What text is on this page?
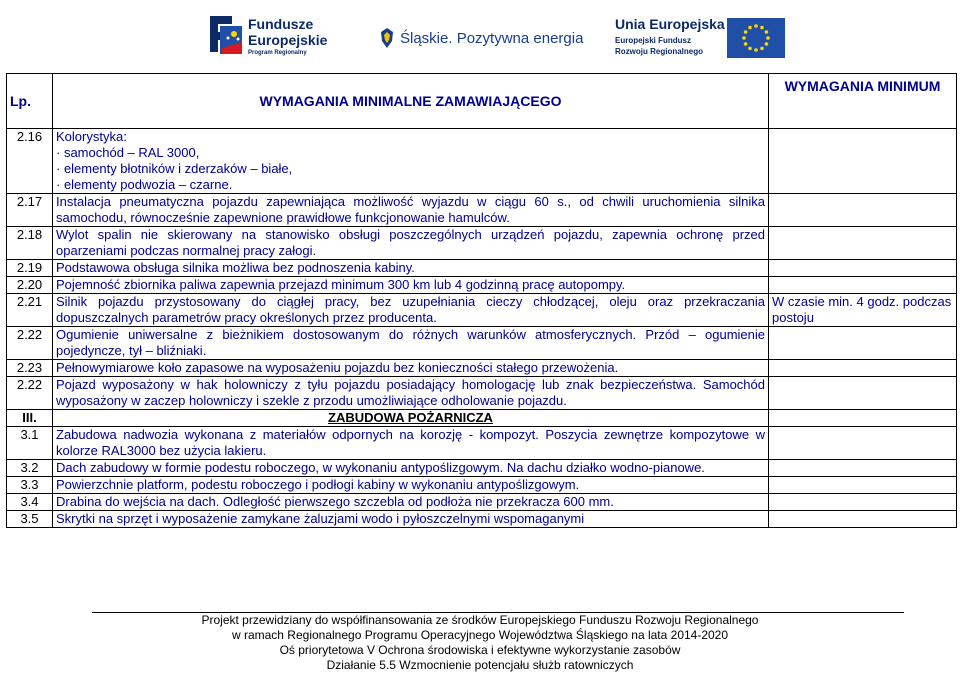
Fundusze
Europejskie
Program Regionalny
Śląskie. Pozytywna energia
Unia Europejska
Europejski Fundusz
Rozwoju Regionalnego
Lp.	WYMAGANIA MINIMALNE ZAMAWIAJĄCEGO	WYMAGANIA MINIMUM
2.16	Kolorystyka:
· samochód – RAL 3000,
· elementy błotników i zderzaków – białe,
· elementy podwozia – czarne.	

2.17	Instalacja pneumatyczna pojazdu zapewniająca możliwość wyjazdu w ciągu 60 s., od chwili uruchomienia silnika samochodu, równocześnie zapewnione prawidłowe funkcjonowanie hamulców.	

2.18	Wylot spalin nie skierowany na stanowisko obsługi poszczególnych urządzeń pojazdu, zapewnia ochronę przed oparzeniami podczas normalnej pracy załogi.	

2.19	Podstawowa obsługa silnika możliwa bez podnoszenia kabiny.	

2.20	Pojemność zbiornika paliwa zapewnia przejazd minimum 300 km lub 4 godzinną pracę autopompy.	

2.21	Silnik pojazdu przystosowany do ciągłej pracy, bez uzupełniania cieczy chłodzącej, oleju oraz przekraczania dopuszczalnych parametrów pracy określonych przez producenta.	W czasie min. 4 godz. podczas postoju
2.22	Ogumienie uniwersalne z bieżnikiem dostosowanym do różnych warunków atmosferycznych. Przód – ogumienie pojedyncze, tył – bliźniaki.	

2.23	Pełnowymiarowe koło zapasowe na wyposażeniu pojazdu bez konieczności stałego przewożenia.	

2.22	Pojazd wyposażony w hak holowniczy z tyłu pojazdu posiadający homologację lub znak bezpieczeństwa. Samochód wyposażony w zaczep holowniczy i szekle z przodu umożliwiające odholowanie pojazdu.	

III.	ZABUDOWA POŻARNICZA	
3.1	Zabudowa nadwozia wykonana z materiałów odpornych na korozję - kompozyt. Poszycia zewnętrze kompozytowe w kolorze RAL3000 bez użycia lakieru.	

3.2	Dach zabudowy w formie podestu roboczego, w wykonaniu antypoślizgowym. Na dachu działko wodno-pianowe.	

3.3	Powierzchnie platform, podestu roboczego i podłogi kabiny w wykonaniu antypoślizgowym.	

3.4	Drabina do wejścia na dach. Odległość pierwszego szczebla od podłoża nie przekracza 600 mm.	

3.5	Skrytki na sprzęt i wyposażenie zamykane żaluzjami wodo i pyłoszczelnymi wspomaganymi	

Projekt przewidziany do współfinansowania ze środków Europejskiego Funduszu Rozwoju Regionalnego
w ramach Regionalnego Programu Operacyjnego Województwa Śląskiego na lata 2014-2020
Oś priorytetowa V Ochrona środowiska i efektywne wykorzystanie zasobów
Działanie 5.5 Wzmocnienie potencjału służb ratowniczych
